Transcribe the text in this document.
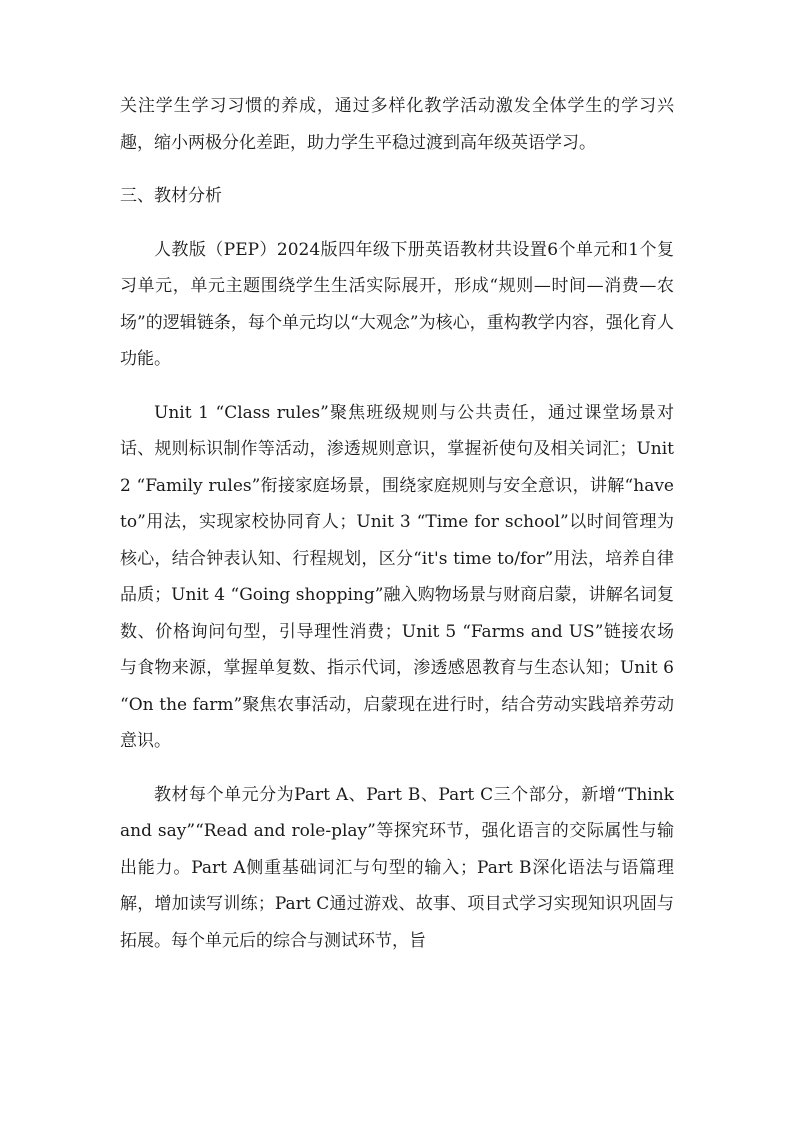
关注学生学习习惯的养成，通过多样化教学活动激发全体学生的学习兴趣，缩小两极分化差距，助力学生平稳过渡到高年级英语学习。

三、教材分析

人教版（PEP）2024版四年级下册英语教材共设置6个单元和1个复习单元，单元主题围绕学生生活实际展开，形成“规则—时间—消费—农场”的逻辑链条，每个单元均以“大观念”为核心，重构教学内容，强化育人功能。

Unit 1 “Class rules”聚焦班级规则与公共责任，通过课堂场景对话、规则标识制作等活动，渗透规则意识，掌握祈使句及相关词汇；Unit 2 “Family rules”衔接家庭场景，围绕家庭规则与安全意识，讲解“have to”用法，实现家校协同育人；Unit 3 “Time for school”以时间管理为核心，结合钟表认知、行程规划，区分“it's time to/for”用法，培养自律品质；Unit 4 “Going shopping”融入购物场景与财商启蒙，讲解名词复数、价格询问句型，引导理性消费；Unit 5 “Farms and US”链接农场与食物来源，掌握单复数、指示代词，渗透感恩教育与生态认知；Unit 6 “On the farm”聚焦农事活动，启蒙现在进行时，结合劳动实践培养劳动意识。

教材每个单元分为Part A、Part B、Part C三个部分，新增“Think and say”“Read and role-play”等探究环节，强化语言的交际属性与输出能力。Part A侧重基础词汇与句型的输入；Part B深化语法与语篇理解，增加读写训练；Part C通过游戏、故事、项目式学习实现知识巩固与拓展。每个单元后的综合与测试环节，旨
